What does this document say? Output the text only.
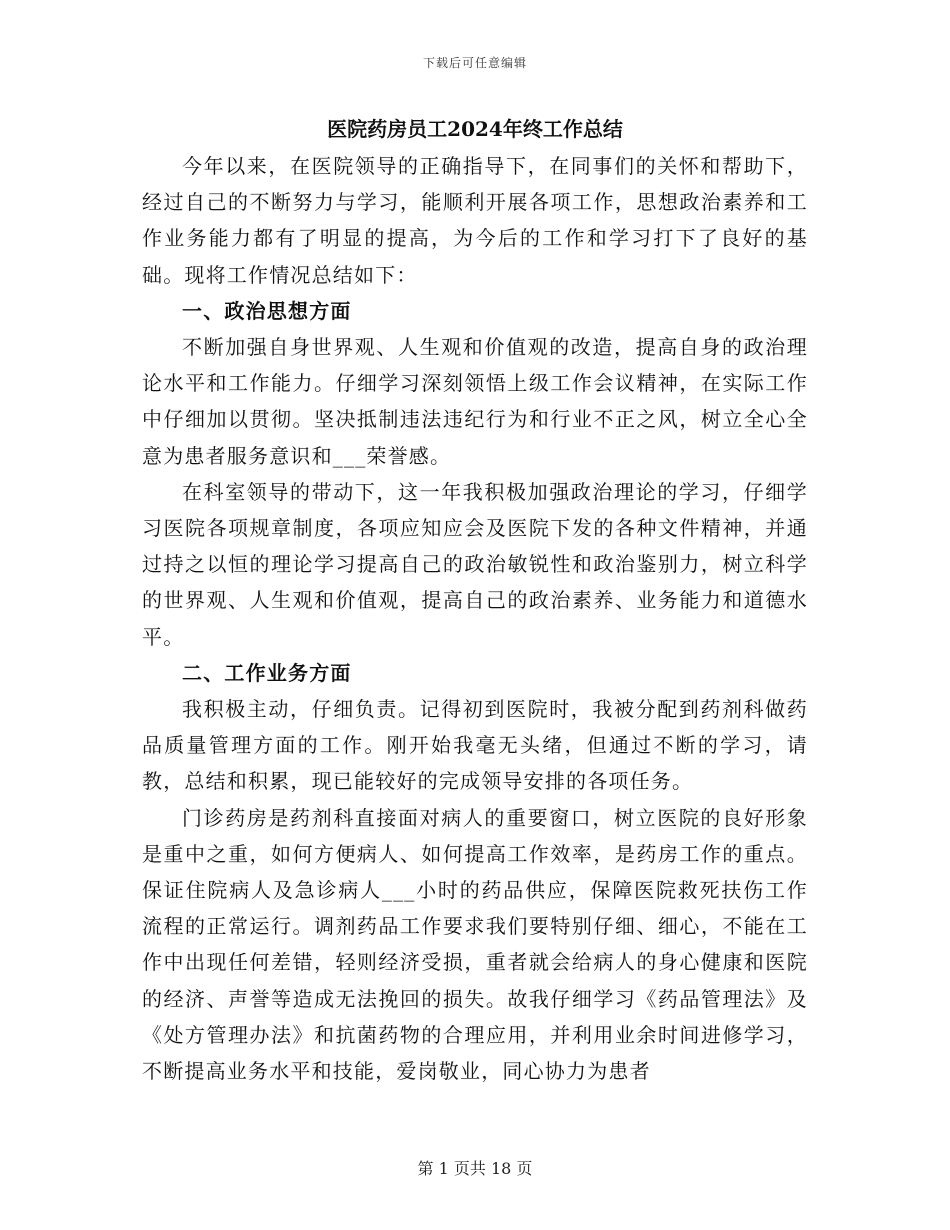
下载后可任意编辑
医院药房员工2024年终工作总结

今年以来，在医院领导的正确指导下，在同事们的关怀和帮助下，经过自己的不断努力与学习，能顺利开展各项工作，思想政治素养和工作业务能力都有了明显的提高，为今后的工作和学习打下了良好的基础。现将工作情况总结如下：

一、政治思想方面

不断加强自身世界观、人生观和价值观的改造，提高自身的政治理论水平和工作能力。仔细学习深刻领悟上级工作会议精神，在实际工作中仔细加以贯彻。坚决抵制违法违纪行为和行业不正之风，树立全心全意为患者服务意识和___荣誉感。

在科室领导的带动下，这一年我积极加强政治理论的学习，仔细学习医院各项规章制度，各项应知应会及医院下发的各种文件精神，并通过持之以恒的理论学习提高自己的政治敏锐性和政治鉴别力，树立科学的世界观、人生观和价值观，提高自己的政治素养、业务能力和道德水平。

二、工作业务方面

我积极主动，仔细负责。记得初到医院时，我被分配到药剂科做药品质量管理方面的工作。刚开始我毫无头绪，但通过不断的学习，请教，总结和积累，现已能较好的完成领导安排的各项任务。

门诊药房是药剂科直接面对病人的重要窗口，树立医院的良好形象是重中之重，如何方便病人、如何提高工作效率，是药房工作的重点。保证住院病人及急诊病人___小时的药品供应，保障医院救死扶伤工作流程的正常运行。调剂药品工作要求我们要特别仔细、细心，不能在工作中出现任何差错，轻则经济受损，重者就会给病人的身心健康和医院的经济、声誉等造成无法挽回的损失。故我仔细学习《药品管理法》及《处方管理办法》和抗菌药物的合理应用，并利用业余时间进修学习，不断提高业务水平和技能，爱岗敬业，同心协力为患者

第 1 页共 18 页
